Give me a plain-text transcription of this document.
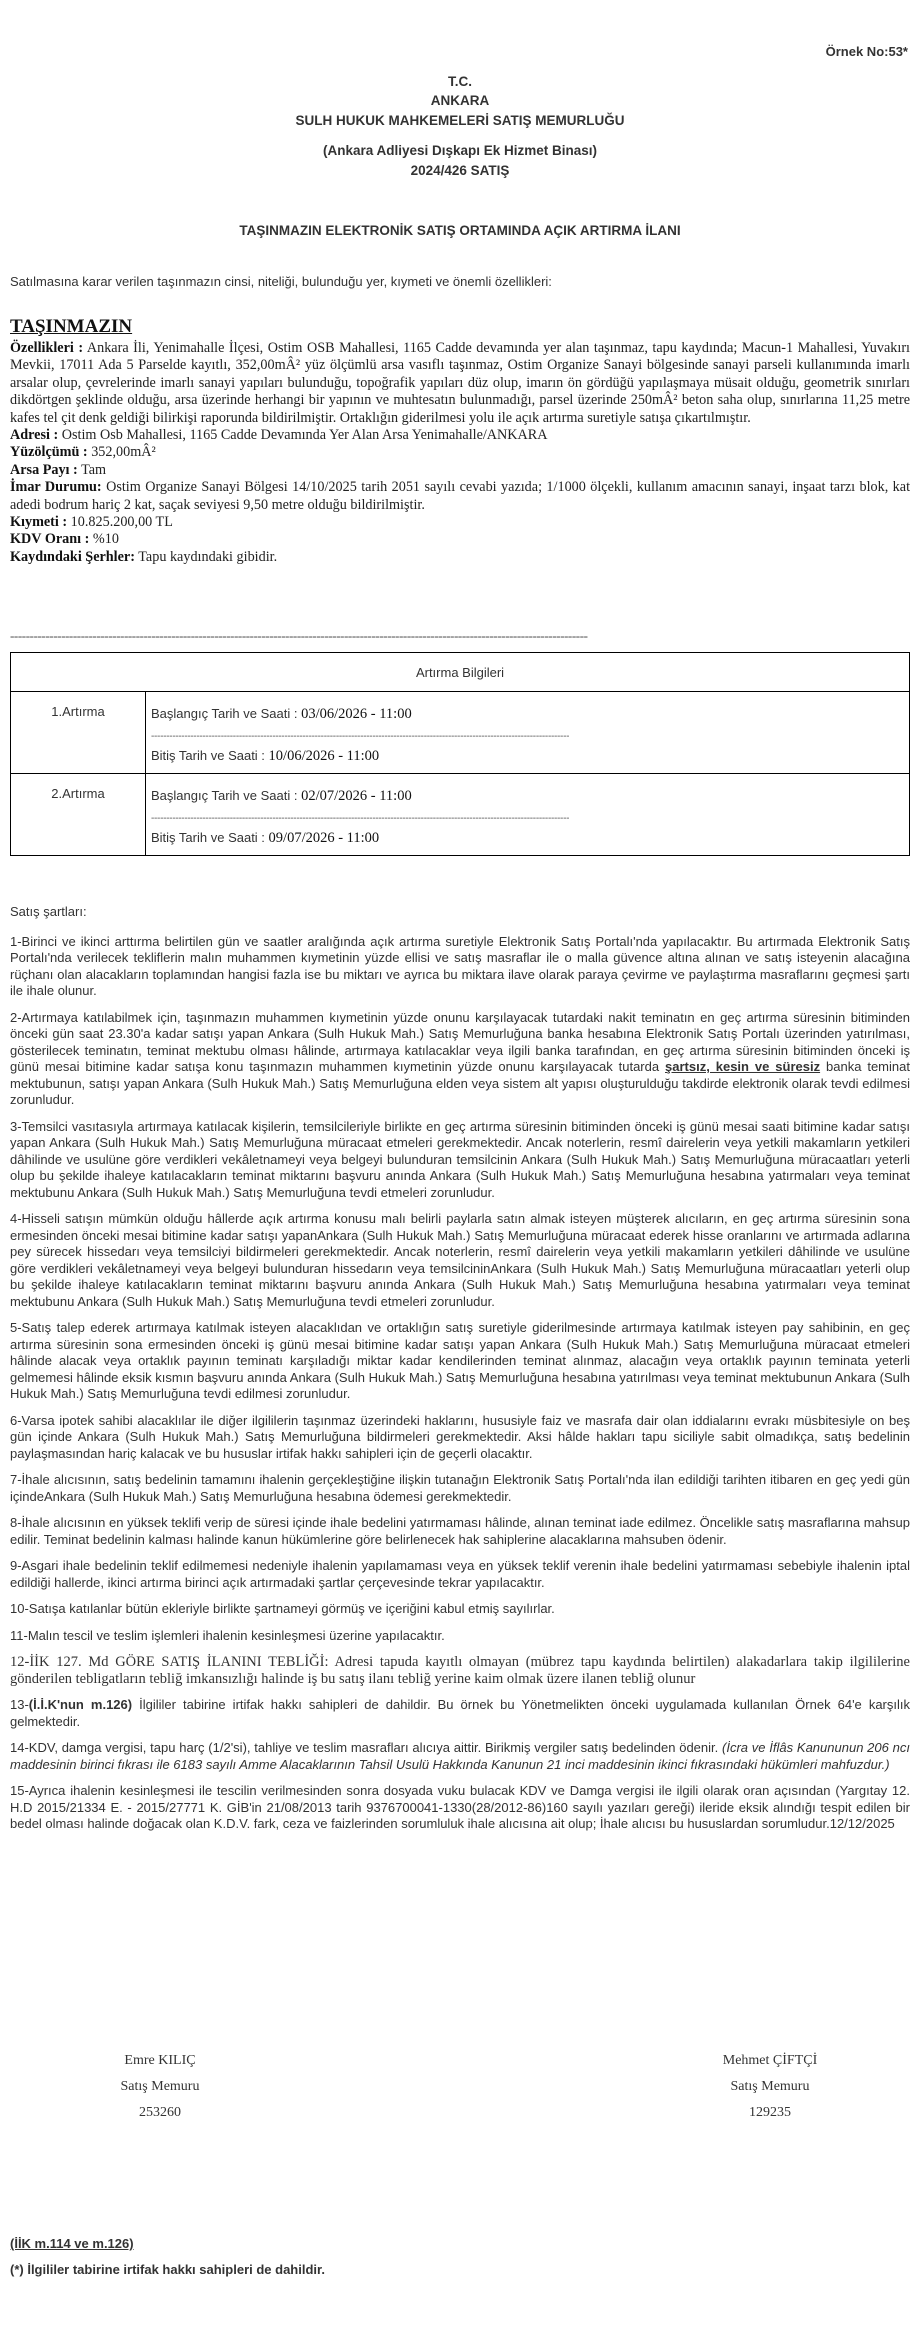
Örnek No:53*
T.C.
ANKARA
SULH HUKUK MAHKEMELERİ SATIŞ MEMURLUĞU
(Ankara Adliyesi Dışkapı Ek Hizmet Binası)
2024/426 SATIŞ
TAŞINMAZIN ELEKTRONİK SATIŞ ORTAMINDA AÇIK ARTIRMA İLANI
Satılmasına karar verilen taşınmazın cinsi, niteliği, bulunduğu yer, kıymeti ve önemli özellikleri:
TAŞINMAZIN

Özellikleri : Ankara İli, Yenimahalle İlçesi, Ostim OSB Mahallesi, 1165 Cadde devamında yer alan taşınmaz, tapu kaydında; Macun-1 Mahallesi, Yuvakırı Mevkii, 17011 Ada 5 Parselde kayıtlı, 352,00mÂ² yüz ölçümlü arsa vasıflı taşınmaz, Ostim Organize Sanayi bölgesinde sanayi parseli kullanımında imarlı arsalar olup, çevrelerinde imarlı sanayi yapıları bulunduğu, topoğrafik yapıları düz olup, imarın ön gördüğü yapılaşmaya müsait olduğu, geometrik sınırları dikdörtgen şeklinde olduğu, arsa üzerinde herhangi bir yapının ve muhtesatın bulunmadığı, parsel üzerinde 250mÂ² beton saha olup, sınırlarına 11,25 metre kafes tel çit denk geldiği bilirkişi raporunda bildirilmiştir. Ortaklığın giderilmesi yolu ile açık artırma suretiyle satışa çıkartılmıştır.

Adresi : Ostim Osb Mahallesi, 1165 Cadde Devamında Yer Alan Arsa Yenimahalle/ANKARA

Yüzölçümü : 352,00mÂ²

Arsa Payı : Tam

İmar Durumu: Ostim Organize Sanayi Bölgesi 14/10/2025 tarih 2051 sayılı cevabi yazıda; 1/1000 ölçekli, kullanım amacının sanayi, inşaat tarzı blok, kat adedi bodrum hariç 2 kat, saçak seviyesi 9,50 metre olduğu bildirilmiştir.

Kıymeti : 10.825.200,00 TL

KDV Oranı : %10

Kaydındaki Şerhler: Tapu kaydındaki gibidir.

---------------------------------------------------------------------------------------------------------------------------------------------------
Artırma Bilgileri	
1.Artırma	Başlangıç Tarih ve Saati : 03/06/2026 - 11:00
------------------------------------------------------------------------------------------------------------------------------------------
Bitiş Tarih ve Saati : 10/06/2026 - 11:00

2.Artırma	Başlangıç Tarih ve Saati : 02/07/2026 - 11:00
------------------------------------------------------------------------------------------------------------------------------------------
Bitiş Tarih ve Saati : 09/07/2026 - 11:00

Satış şartları:

1-Birinci ve ikinci arttırma belirtilen gün ve saatler aralığında açık artırma suretiyle Elektronik Satış Portalı'nda yapılacaktır. Bu artırmada Elektronik Satış Portalı'nda verilecek tekliflerin malın muhammen kıymetinin yüzde ellisi ve satış masraflar ile o malla güvence altına alınan ve satış isteyenin alacağına rüçhanı olan alacakların toplamından hangisi fazla ise bu miktarı ve ayrıca bu miktara ilave olarak paraya çevirme ve paylaştırma masraflarını geçmesi şartı ile ihale olunur.

2-Artırmaya katılabilmek için, taşınmazın muhammen kıymetinin yüzde onunu karşılayacak tutardaki nakit teminatın en geç artırma süresinin bitiminden önceki gün saat 23.30'a kadar satışı yapan Ankara (Sulh Hukuk Mah.) Satış Memurluğuna banka hesabına Elektronik Satış Portalı üzerinden yatırılması, gösterilecek teminatın, teminat mektubu olması hâlinde, artırmaya katılacaklar veya ilgili banka tarafından, en geç artırma süresinin bitiminden önceki iş günü mesai bitimine kadar satışa konu taşınmazın muhammen kıymetinin yüzde onunu karşılayacak tutarda şartsız, kesin ve süresiz banka teminat mektubunun, satışı yapan Ankara (Sulh Hukuk Mah.) Satış Memurluğuna elden veya sistem alt yapısı oluşturulduğu takdirde elektronik olarak tevdi edilmesi zorunludur.

3-Temsilci vasıtasıyla artırmaya katılacak kişilerin, temsilcileriyle birlikte en geç artırma süresinin bitiminden önceki iş günü mesai saati bitimine kadar satışı yapan Ankara (Sulh Hukuk Mah.) Satış Memurluğuna müracaat etmeleri gerekmektedir. Ancak noterlerin, resmî dairelerin veya yetkili makamların yetkileri dâhilinde ve usulüne göre verdikleri vekâletnameyi veya belgeyi bulunduran temsilcinin Ankara (Sulh Hukuk Mah.) Satış Memurluğuna müracaatları yeterli olup bu şekilde ihaleye katılacakların teminat miktarını başvuru anında Ankara (Sulh Hukuk Mah.) Satış Memurluğuna hesabına yatırmaları veya teminat mektubunu Ankara (Sulh Hukuk Mah.) Satış Memurluğuna tevdi etmeleri zorunludur.

4-Hisseli satışın mümkün olduğu hâllerde açık artırma konusu malı belirli paylarla satın almak isteyen müşterek alıcıların, en geç artırma süresinin sona ermesinden önceki mesai bitimine kadar satışı yapanAnkara (Sulh Hukuk Mah.) Satış Memurluğuna müracaat ederek hisse oranlarını ve artırmada adlarına pey sürecek hissedarı veya temsilciyi bildirmeleri gerekmektedir. Ancak noterlerin, resmî dairelerin veya yetkili makamların yetkileri dâhilinde ve usulüne göre verdikleri vekâletnameyi veya belgeyi bulunduran hissedarın veya temsilcininAnkara (Sulh Hukuk Mah.) Satış Memurluğuna müracaatları yeterli olup bu şekilde ihaleye katılacakların teminat miktarını başvuru anında Ankara (Sulh Hukuk Mah.) Satış Memurluğuna hesabına yatırmaları veya teminat mektubunu Ankara (Sulh Hukuk Mah.) Satış Memurluğuna tevdi etmeleri zorunludur.

5-Satış talep ederek artırmaya katılmak isteyen alacaklıdan ve ortaklığın satış suretiyle giderilmesinde artırmaya katılmak isteyen pay sahibinin, en geç artırma süresinin sona ermesinden önceki iş günü mesai bitimine kadar satışı yapan Ankara (Sulh Hukuk Mah.) Satış Memurluğuna müracaat etmeleri hâlinde alacak veya ortaklık payının teminatı karşıladığı miktar kadar kendilerinden teminat alınmaz, alacağın veya ortaklık payının teminata yeterli gelmemesi hâlinde eksik kısmın başvuru anında Ankara (Sulh Hukuk Mah.) Satış Memurluğuna hesabına yatırılması veya teminat mektubunun Ankara (Sulh Hukuk Mah.) Satış Memurluğuna tevdi edilmesi zorunludur.

6-Varsa ipotek sahibi alacaklılar ile diğer ilgililerin taşınmaz üzerindeki haklarını, hususiyle faiz ve masrafa dair olan iddialarını evrakı müsbitesiyle on beş gün içinde Ankara (Sulh Hukuk Mah.) Satış Memurluğuna bildirmeleri gerekmektedir. Aksi hâlde hakları tapu siciliyle sabit olmadıkça, satış bedelinin paylaşmasından hariç kalacak ve bu hususlar irtifak hakkı sahipleri için de geçerli olacaktır.

7-İhale alıcısının, satış bedelinin tamamını ihalenin gerçekleştiğine ilişkin tutanağın Elektronik Satış Portalı'nda ilan edildiği tarihten itibaren en geç yedi gün içindeAnkara (Sulh Hukuk Mah.) Satış Memurluğuna hesabına ödemesi gerekmektedir.

8-İhale alıcısının en yüksek teklifi verip de süresi içinde ihale bedelini yatırmaması hâlinde, alınan teminat iade edilmez. Öncelikle satış masraflarına mahsup edilir. Teminat bedelinin kalması halinde kanun hükümlerine göre belirlenecek hak sahiplerine alacaklarına mahsuben ödenir.

9-Asgari ihale bedelinin teklif edilmemesi nedeniyle ihalenin yapılamaması veya en yüksek teklif verenin ihale bedelini yatırmaması sebebiyle ihalenin iptal edildiği hallerde, ikinci artırma birinci açık artırmadaki şartlar çerçevesinde tekrar yapılacaktır.

10-Satışa katılanlar bütün ekleriyle birlikte şartnameyi görmüş ve içeriğini kabul etmiş sayılırlar.

11-Malın tescil ve teslim işlemleri ihalenin kesinleşmesi üzerine yapılacaktır.

12-İİK 127. Md GÖRE SATIŞ İLANINI TEBLİĞİ: Adresi tapuda kayıtlı olmayan (mübrez tapu kaydında belirtilen) alakadarlara takip ilgililerine gönderilen tebligatların tebliğ imkansızlığı halinde iş bu satış ilanı tebliğ yerine kaim olmak üzere ilanen tebliğ olunur

13-(İ.İ.K'nun m.126) İlgililer tabirine irtifak hakkı sahipleri de dahildir. Bu örnek bu Yönetmelikten önceki uygulamada kullanılan Örnek 64'e karşılık gelmektedir.

14-KDV, damga vergisi, tapu harç (1/2'si), tahliye ve teslim masrafları alıcıya aittir. Birikmiş vergiler satış bedelinden ödenir. (İcra ve İflâs Kanununun 206 ncı maddesinin birinci fıkrası ile 6183 sayılı Amme Alacaklarının Tahsil Usulü Hakkında Kanunun 21 inci maddesinin ikinci fıkrasındaki hükümleri mahfuzdur.)

15-Ayrıca ihalenin kesinleşmesi ile tescilin verilmesinden sonra dosyada vuku bulacak KDV ve Damga vergisi ile ilgili olarak oran açısından (Yargıtay 12. H.D 2015/21334 E. - 2015/27771 K. GİB'in 21/08/2013 tarih 9376700041-1330(28/2012-86)160 sayılı yazıları gereği) ileride eksik alındığı tespit edilen bir bedel olması halinde doğacak olan K.D.V. fark, ceza ve faizlerinden sorumluluk ihale alıcısına ait olup; İhale alıcısı bu hususlardan sorumludur.12/12/2025

Emre KILIÇ
Satış Memuru
253260
Mehmet ÇİFTÇİ
Satış Memuru
129235
(İİK m.114 ve m.126)
(*) İlgililer tabirine irtifak hakkı sahipleri de dahildir.
